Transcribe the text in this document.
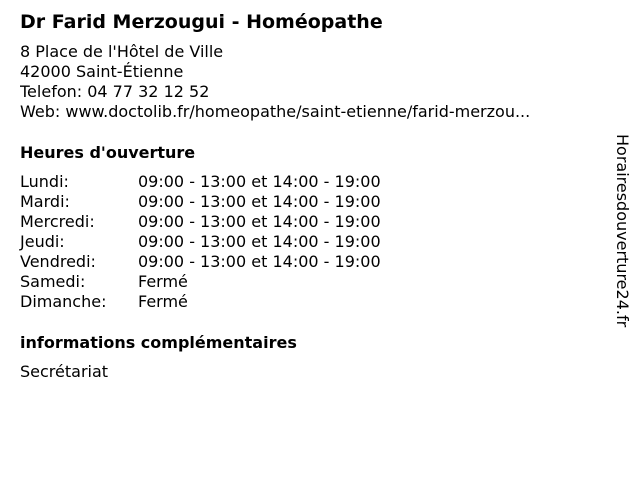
Dr Farid Merzougui - Homéopathe
8 Place de l'Hôtel de Ville
42000 Saint-Étienne
Telefon: 04 77 32 12 52
Web: www.doctolib.fr/homeopathe/saint-etienne/farid-merzou...
Heures d'ouverture
Lundi:	09:00 - 13:00 et 14:00 - 19:00
Mardi:	09:00 - 13:00 et 14:00 - 19:00
Mercredi:	09:00 - 13:00 et 14:00 - 19:00
Jeudi:	09:00 - 13:00 et 14:00 - 19:00
Vendredi:	09:00 - 13:00 et 14:00 - 19:00
Samedi:	Fermé
Dimanche: Fermé
informations complémentaires
Secrétariat
Horairesdouverture24.fr
